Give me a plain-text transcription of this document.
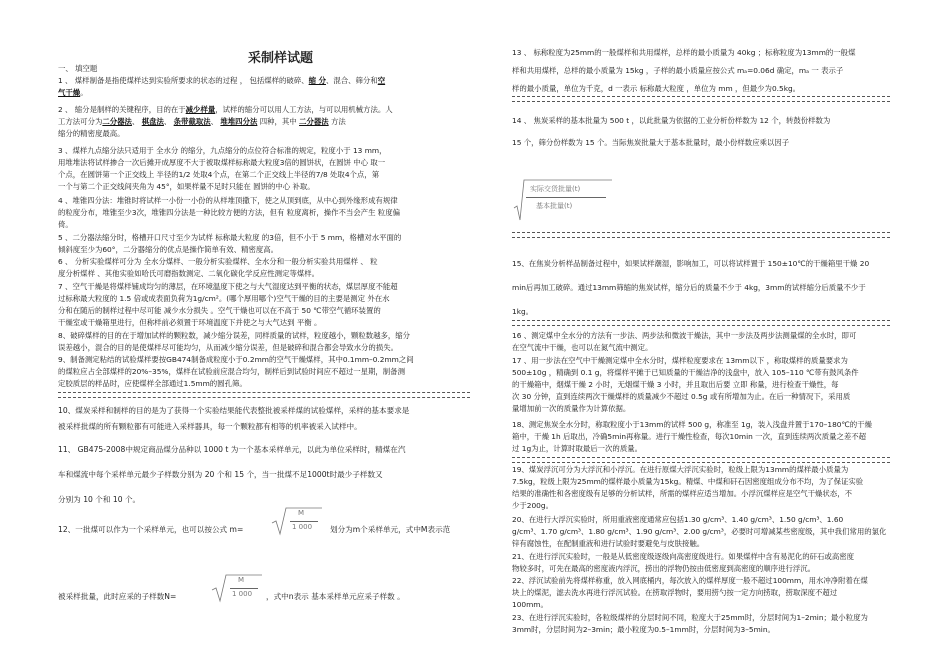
采制样试题
一、 填空题
1 、 煤样制备是指使煤样达到实验所要求的状态的过程 ， 包括煤样的破碎、缩 分、混合、筛分和空
气干燥。
2 、 缩分是制样的关键程序，目的在于减少样量，试样的缩分可以用人工方法，与可以用机械方法。人
工方法可分为二分器法、 棋盘法、 条带截取法、 堆堆四分法 四种，其中 二分器法 方法
缩分的精密度最高。
3 、煤样九点缩分法只适用于 全水分 的缩分，九点缩分的点位符合标准的规定，粒度小于 13 mm，
用堆堆法将试样掺合一次后摊开成厚度不大于被取煤样标称最大粒度3倍的圆饼状，在圆饼 中心 取一
个点，在圆饼第一个正交线上 半径的1/2 处取4个点，在第二个正交线上半径的7/8 处取4个点，第
一个与第二个正交线间夹角为 45°，如果样量不足时只能在 圆饼的中心 补取。
4 、堆锥四分法：堆锥时将试样一小份一小份的从样堆顶撒下，使之从顶到底，从中心到外缘形成有规律
的粒度分布，堆锥至少3次，堆锥四分法是一种比较方便的方法，但有 粒度离析，操作不当会产生 粒度偏
倚。
5 、二分器法缩分时，格槽开口尺寸至少为试样 标称最大粒度 的3倍，但不小于 5 mm，格槽对水平面的
倾斜度至少为60°，二分器缩分的优点是操作简单有效、精密度高。
6 、 分析实验煤样可分为 全水分煤样、一般分析实验煤样、全水分和一般分析实验共用煤样 、 粒
度分析煤样 、其他实验如哈氏可磨指数测定、二氧化碳化学反应性测定等煤样。
7 、空气干燥是将煤样铺成均匀的薄层，在环境温度下使之与大气湿度达到平衡的状态，煤层厚度不能超
过标称最大粒度的 1.5 倍或成表面负荷为1g/cm²。(哪个厚用哪个)空气干燥的目的主要是测定 外在水
分和在随后的制样过程中尽可能 减少水分损失 。空气干燥也可以在不高于 50 ℃带空气循环装置的
干燥室或干燥箱里进行，但称样前必须置于环境温度下并使之与大气达到 平衡 。
8、破碎煤样的目的在于增加试样的颗粒数，减少缩分误差，同样质量的试样，粒度越小，颗粒数越多，缩分
误差越小，混合的目的是使煤样尽可能均匀，从而减少缩分误差，但是破碎和混合都会导致水分的损失。
9、制备测定粘结的试验煤样要按GB474制备成粒度小于0.2mm的空气干燥煤样，其中0.1mm–0.2mm之间
的煤粒应占全部煤样的20%–35%，煤样在试验前应混合均匀，制样后到试验时间应不超过一星期，制备测
定胶质层的样品时，应使煤样全部通过1.5mm的圆孔筛。
10、煤炭采样和制样的目的是为了获得一个实验结果能代表整批被采样煤的试验煤样，采样的基本要求是
被采样批煤的所有颗粒都有可能进入采样器具，每一个颗粒都有相等的机率被采入试样中。
11、 GB475-2008中规定商品煤分品种以 1000 t 为一个基本采样单元，以此为单位采样时，精煤在汽
车和煤流中每个采样单元最少子样数分别为 20 个和 15 个，当一批煤不足1000t时最少子样数又
分别为 10 个和 10 个。
12、一批煤可以作为一个采样单元，也可以按公式 m=
M
1 000 划分为m个采样单元，式中M表示范
被采样批量，此时应采的子样数N=
M
1 000 ，式中n表示 基本采样单元应采子样数 。
13 、 标称粒度为25mm的一般煤样和共用煤样，总样的最小质量为 40kg ；标称粒度为13mm的一般煤
样和共用煤样，总样的最小质量为 15kg ，子样的最小质量应按公式 mₐ=0.06d 确定，mₐ 一 表示子
样的最小质量，单位为千克，d 一表示 标称最大粒度 ，单位为 mm ，但最少为0.5kg。
14 、 焦炭采样的基本批量为 500 t ，以此批量为依据的工业分析份样数为 12 个，转鼓份样数为
15 个，筛分份样数为 15 个。当际焦炭批量大于基本批量时，最小份样数应乘以因子
实际交货批量(t)
基本批量(t)
15、在焦炭分析样品制备过程中，如果试样潮湿，影响加工，可以将试样置于 150±10℃的干燥箱里干燥 20
min后再加工破碎。通过13mm筛缩的焦炭试样，缩分后的质量不少于 4kg，3mm的试样缩分后质量不少于
1kg。
16 、测定煤中全水分的方法有一步法、两步法和微波干燥法，其中一步法及两步法测量煤的全水时，即可
在空气流中干燥，也可以在氮气流中测定。
17 、用一步法在空气中干燥测定煤中全水分时，煤样粒度要求在 13mm以下 ，称取煤样的质量要求为
500±10g ，精确到 0.1 g，将煤样平摊于已知质量的干燥洁净的浅盘中，放入 105–110 ℃带有鼓风条件
的干燥箱中，烟煤干燥 2 小时，无烟煤干燥 3 小时，并且取出后要 立即 称量，进行检查干燥性，每
次 30 分钟，直到连续两次干燥煤样的质量减少不超过 0.5g 或有所增加为止。在后一种情况下，采用质
量增加前一次的质量作为计算依据。
18、测定焦炭全水分时，称取粒度小于13mm的试样 500 g，称准至 1g，装入浅盘并置于170–180℃的干燥
箱中，干燥 1h 后取出，冷确5min再称量。进行干燥性检查，每次10min 一次，直到连续两次质量之差不超
过 1g为止，计算时取最后一次的质量。
19、煤炭浮沉可分为大浮沉和小浮沉。在进行原煤大浮沉实验时，粒级上限为13mm的煤样最小质量为
7.5kg，粒级上限为25mm的煤样最小质量为15kg。精煤、中煤和矸石因密度组成分布不均，为了保证实验
结果的准确性和各密度级有足够的分析试样，所需的煤样应适当增加。小浮沉煤样应是空气干燥状态，不
少于200g。
20、在进行大浮沉实验时，所用重液密度通常应包括1.30 g/cm³、1.40 g/cm³、1.50 g/cm³、1.60
g/cm³、1.70 g/cm³、1.80 g/cm³、1.90 g/cm³、2.00 g/cm³，必要时可增减某些密度级，其中我们常用的氯化
锌有腐蚀性，在配制重液和进行试验时要避免与皮肤接触。
21、在进行浮沉实验时，一般是从低密度级逐级向高密度级进行。如果煤样中含有易泥化的矸石或高密度
物较多时，可先在最高的密度液内浮沉，捞出的浮物仍按由低密度到高密度的顺序进行浮沉。
22、浮沉试验前先将煤样称重，放入网底桶内，每次放入的煤样厚度一般不超过100mm，用水冲净附着在煤
块上的煤泥，滤去洗水再进行浮沉试验。在捞取浮物时，要用捞勺按一定方向捞取，捞取深度不超过
100mm。
23、在进行浮沉实验时，各粒级煤样的分层时间不同，粒度大于25mm时，分层时间为1–2min；最小粒度为
3mm时，分层时间为2–3min；最小粒度为0.5–1mm时，分层时间为3–5min。
